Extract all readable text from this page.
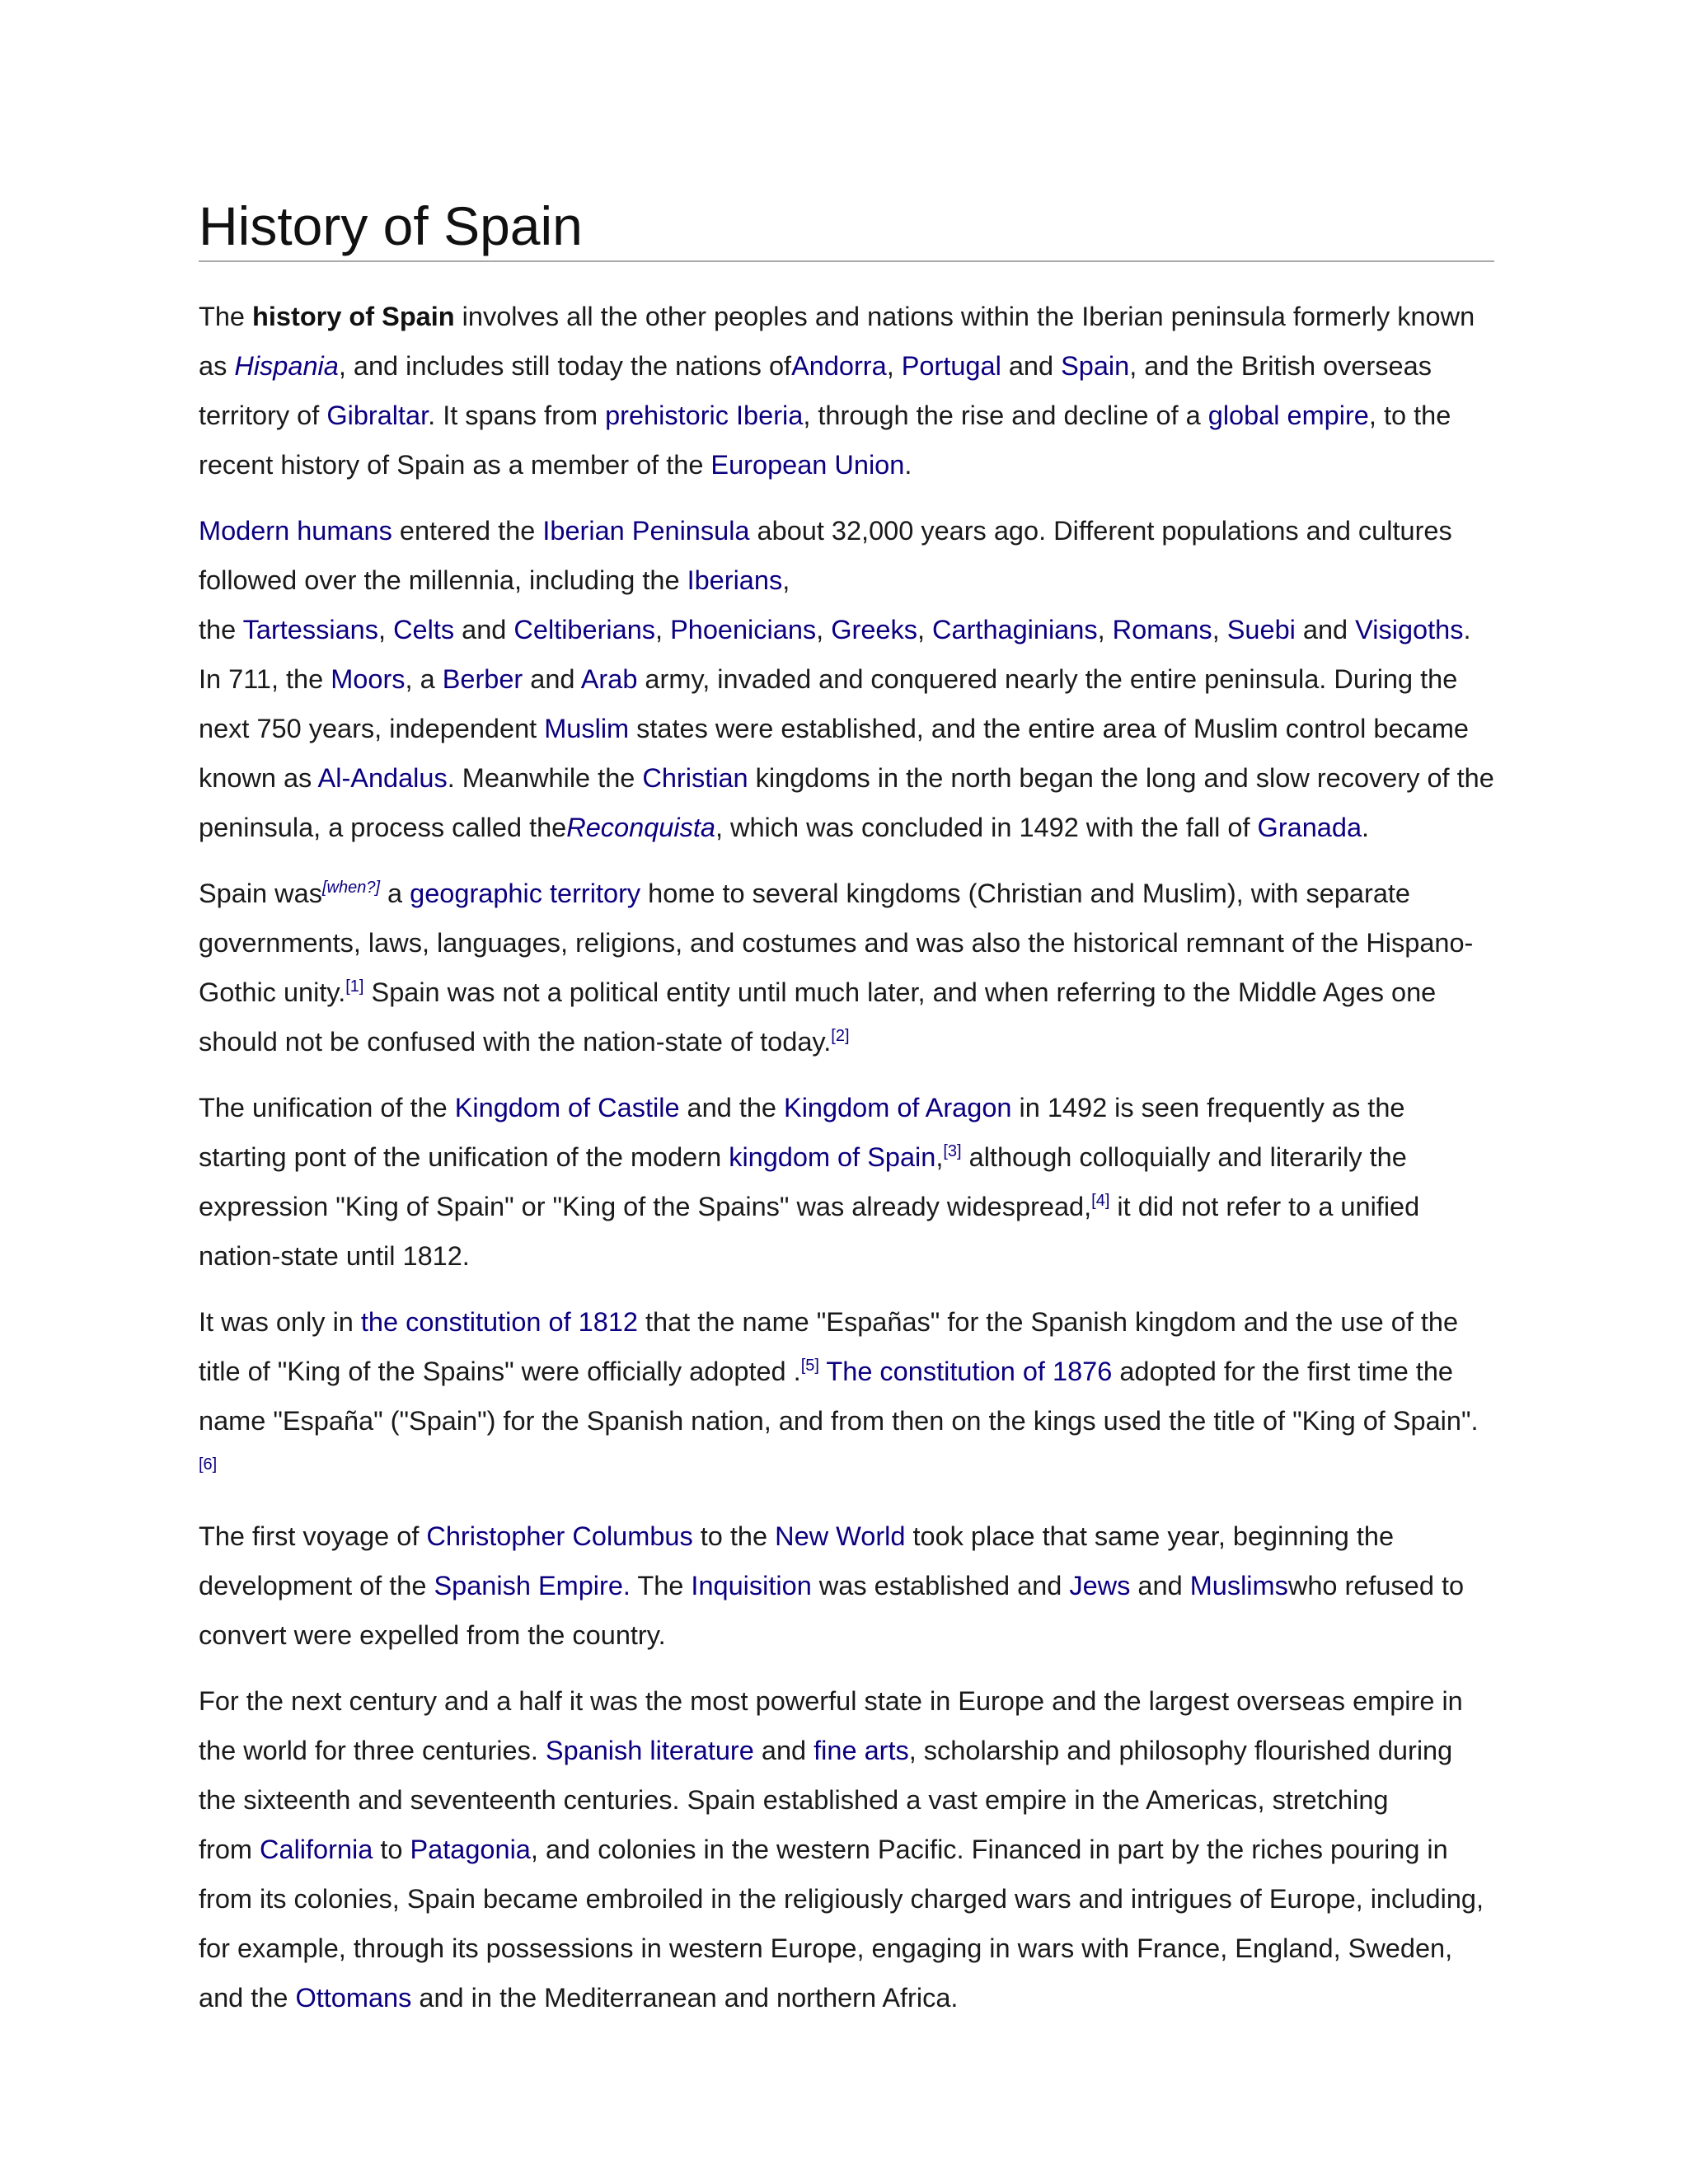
History of Spain

The history of Spain involves all the other peoples and nations within the Iberian peninsula formerly known as Hispania, and includes still today the nations ofAndorra, Portugal and Spain, and the British overseas territory of Gibraltar. It spans from prehistoric Iberia, through the rise and decline of a global empire, to the recent history of Spain as a member of the European Union.

Modern humans entered the Iberian Peninsula about 32,000 years ago. Different populations and cultures followed over the millennia, including the Iberians,
the Tartessians, Celts and Celtiberians, Phoenicians, Greeks, Carthaginians, Romans, Suebi and Visigoths. In 711, the Moors, a Berber and Arab army, invaded and conquered nearly the entire peninsula. During the next 750 years, independent Muslim states were established, and the entire area of Muslim control became known as Al-Andalus. Meanwhile the Christian kingdoms in the north began the long and slow recovery of the peninsula, a process called theReconquista, which was concluded in 1492 with the fall of Granada.

Spain was[when?] a geographic territory home to several kingdoms (Christian and Muslim), with separate governments, laws, languages, religions, and costumes and was also the historical remnant of the Hispano-Gothic unity.[1] Spain was not a political entity until much later, and when referring to the Middle Ages one should not be confused with the nation-state of today.[2]

The unification of the Kingdom of Castile and the Kingdom of Aragon in 1492 is seen frequently as the starting pont of the unification of the modern kingdom of Spain,[3] although colloquially and literarily the expression "King of Spain" or "King of the Spains" was already widespread,[4] it did not refer to a unified nation-state until 1812.

It was only in the constitution of 1812 that the name "Españas" for the Spanish kingdom and the use of the title of "King of the Spains" were officially adopted .[5] The constitution of 1876 adopted for the first time the name "España" ("Spain") for the Spanish nation, and from then on the kings used the title of "King of Spain".[6]

The first voyage of Christopher Columbus to the New World took place that same year, beginning the development of the Spanish Empire. The Inquisition was established and Jews and Muslimswho refused to convert were expelled from the country.

For the next century and a half it was the most powerful state in Europe and the largest overseas empire in the world for three centuries. Spanish literature and fine arts, scholarship and philosophy flourished during the sixteenth and seventeenth centuries. Spain established a vast empire in the Americas, stretching
from California to Patagonia, and colonies in the western Pacific. Financed in part by the riches pouring in from its colonies, Spain became embroiled in the religiously charged wars and intrigues of Europe, including, for example, through its possessions in western Europe, engaging in wars with France, England, Sweden, and the Ottomans and in the Mediterranean and northern Africa.
